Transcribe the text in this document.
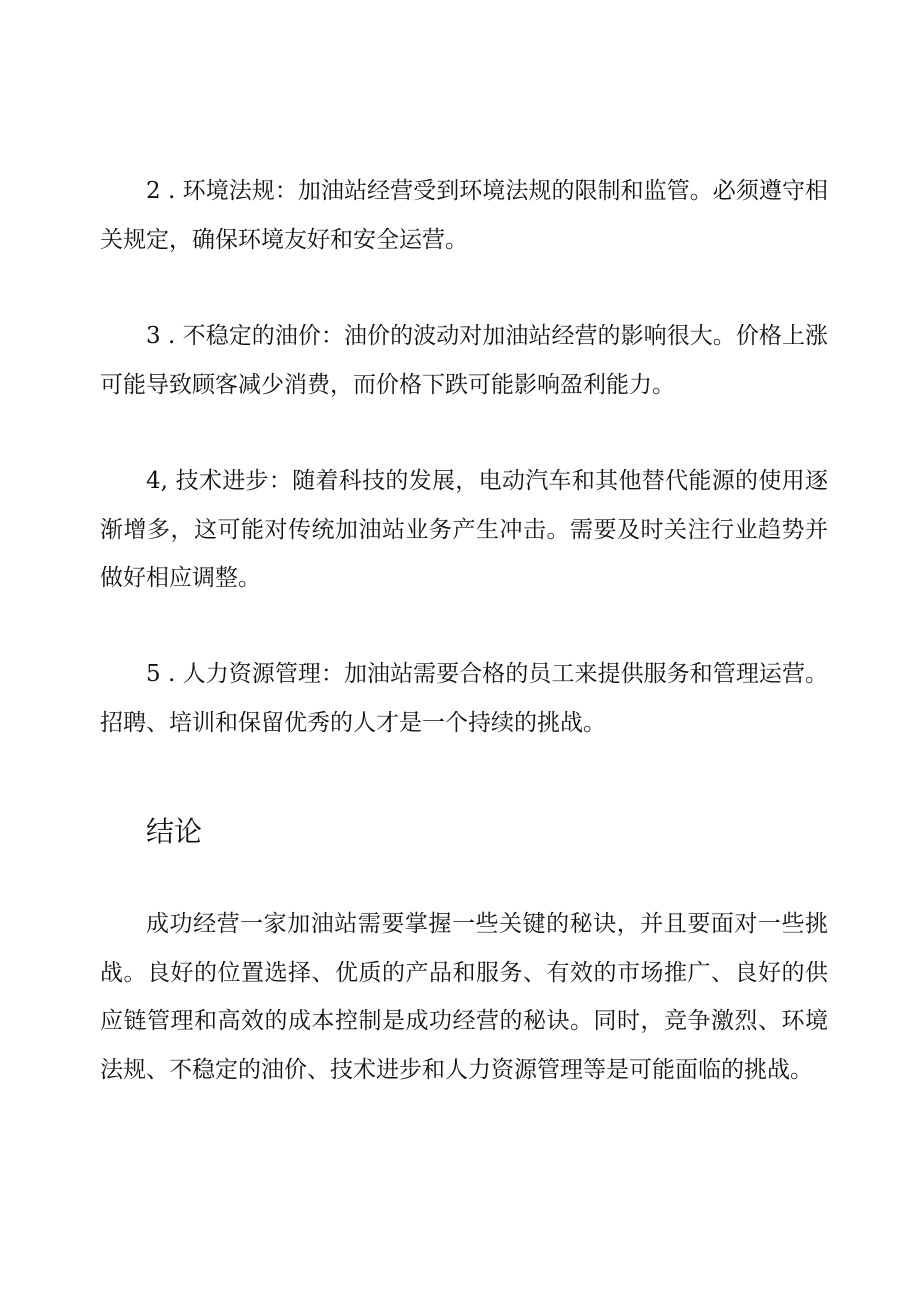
2 . 环境法规：加油站经营受到环境法规的限制和监管。必须遵守相关规定，确保环境友好和安全运营。

3 . 不稳定的油价：油价的波动对加油站经营的影响很大。价格上涨可能导致顾客减少消费，而价格下跌可能影响盈利能力。

4, 技术进步：随着科技的发展，电动汽车和其他替代能源的使用逐渐增多，这可能对传统加油站业务产生冲击。需要及时关注行业趋势并做好相应调整。

5 . 人力资源管理：加油站需要合格的员工来提供服务和管理运营。招聘、培训和保留优秀的人才是一个持续的挑战。

结论

成功经营一家加油站需要掌握一些关键的秘诀，并且要面对一些挑战。良好的位置选择、优质的产品和服务、有效的市场推广、良好的供应链管理和高效的成本控制是成功经营的秘诀。同时，竞争激烈、环境法规、不稳定的油价、技术进步和人力资源管理等是可能面临的挑战。
